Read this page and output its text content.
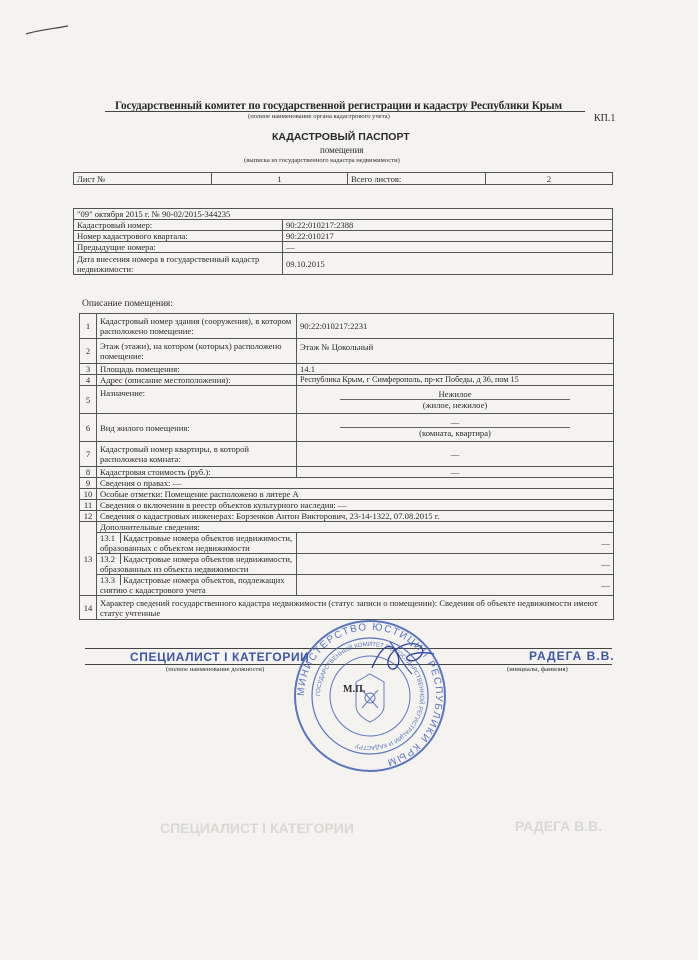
СПЕЦИАЛИСТ I КАТЕГОРИИ	РАДЕГА В.В.
Государственный комитет по государственной регистрации и кадастру Республики Крым
(полное наименование органа кадастрового учета)	КП.1
КАДАСТРОВЫЙ ПАСПОРТ
помещения
(выписка из государственного кадастра недвижимости)
Лист №	1	Всего листов:	2
"09" октября 2015 г. № 90-02/2015-344235	
Кадастровый номер:	90:22:010217:2388
Номер кадастрового квартала:	90:22:010217
Предыдущие номера:	—
Дата внесения номера в государственный кадастр недвижимости:	09.10.2015
Описание помещения:
1	Кадастровый номер здания (сооружения), в котором расположено помещение:	90:22:010217:2231
2	Этаж (этажи), на котором (которых) расположено помещение:	Этаж № Цокольный
3	Площадь помещения:	14.1
4	Адрес (описание местоположения):	Республика Крым, г Симферополь, пр-кт Победы, д 36, пом 15
5	Назначение:	Нежилое
(жилое, нежилое)

6	Вид жилого помещения:	—
(комната, квартира)

7	Кадастровый номер квартиры, в которой расположена комната:	—
8	Кадастровая стоимость (руб.):	—
9	Сведения о правах: —	
10	Особые отметки: Помещение расположено в литере А	
11	Сведения о включении в реестр объектов культурного наследия: —	
12	Сведения о кадастровых инженерах: Борзенков Антон Викторович, 23-14-1322, 07.08.2015 г.	
13	Дополнительные сведения:	
	13.1 Кадастровые номера объектов недвижимости, образованных с объектом недвижимости	—
	13.2 Кадастровые номера объектов недвижимости, образованных из объекта недвижимости	—
	13.3 Кадастровые номера объектов, подлежащих снятию с кадастрового учета	—
14	Характер сведений государственного кадастра недвижимости (статус записи о помещении): Сведения об объекте недвижимости имеют статус учтенные	
СПЕЦИАЛИСТ I КАТЕГОРИИ
(полное наименование должности)
РАДЕГА В.В.
(инициалы, фамилия)
М.П.
МИНИСТЕРСТВО ЮСТИЦИИ РЕСПУБЛИКИ КРЫМ
ГОСУДАРСТВЕННЫЙ КОМИТЕТ ПО ГОСУДАРСТВЕННОЙ РЕГИСТРАЦИИ И КАДАСТРУ
